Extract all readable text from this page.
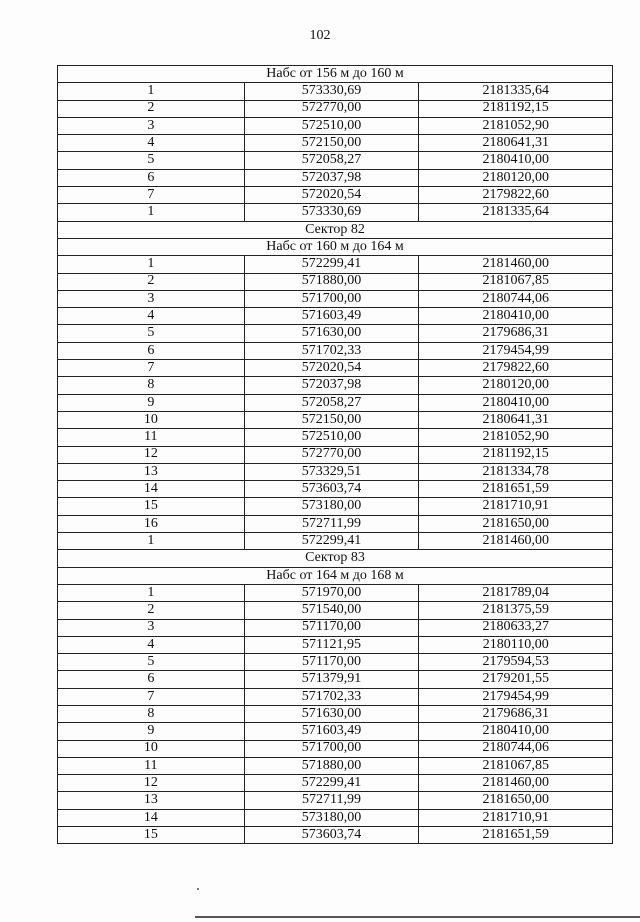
102
Набс от 156 м до 160 м		
1	573330,69	2181335,64
2	572770,00	2181192,15
3	572510,00	2181052,90
4	572150,00	2180641,31
5	572058,27	2180410,00
6	572037,98	2180120,00
7	572020,54	2179822,60
1	573330,69	2181335,64
Сектор 82		
Набс от 160 м до 164 м		
1	572299,41	2181460,00
2	571880,00	2181067,85
3	571700,00	2180744,06
4	571603,49	2180410,00
5	571630,00	2179686,31
6	571702,33	2179454,99
7	572020,54	2179822,60
8	572037,98	2180120,00
9	572058,27	2180410,00
10	572150,00	2180641,31
11	572510,00	2181052,90
12	572770,00	2181192,15
13	573329,51	2181334,78
14	573603,74	2181651,59
15	573180,00	2181710,91
16	572711,99	2181650,00
1	572299,41	2181460,00
Сектор 83		
Набс от 164 м до 168 м		
1	571970,00	2181789,04
2	571540,00	2181375,59
3	571170,00	2180633,27
4	571121,95	2180110,00
5	571170,00	2179594,53
6	571379,91	2179201,55
7	571702,33	2179454,99
8	571630,00	2179686,31
9	571603,49	2180410,00
10	571700,00	2180744,06
11	571880,00	2181067,85
12	572299,41	2181460,00
13	572711,99	2181650,00
14	573180,00	2181710,91
15	573603,74	2181651,59
